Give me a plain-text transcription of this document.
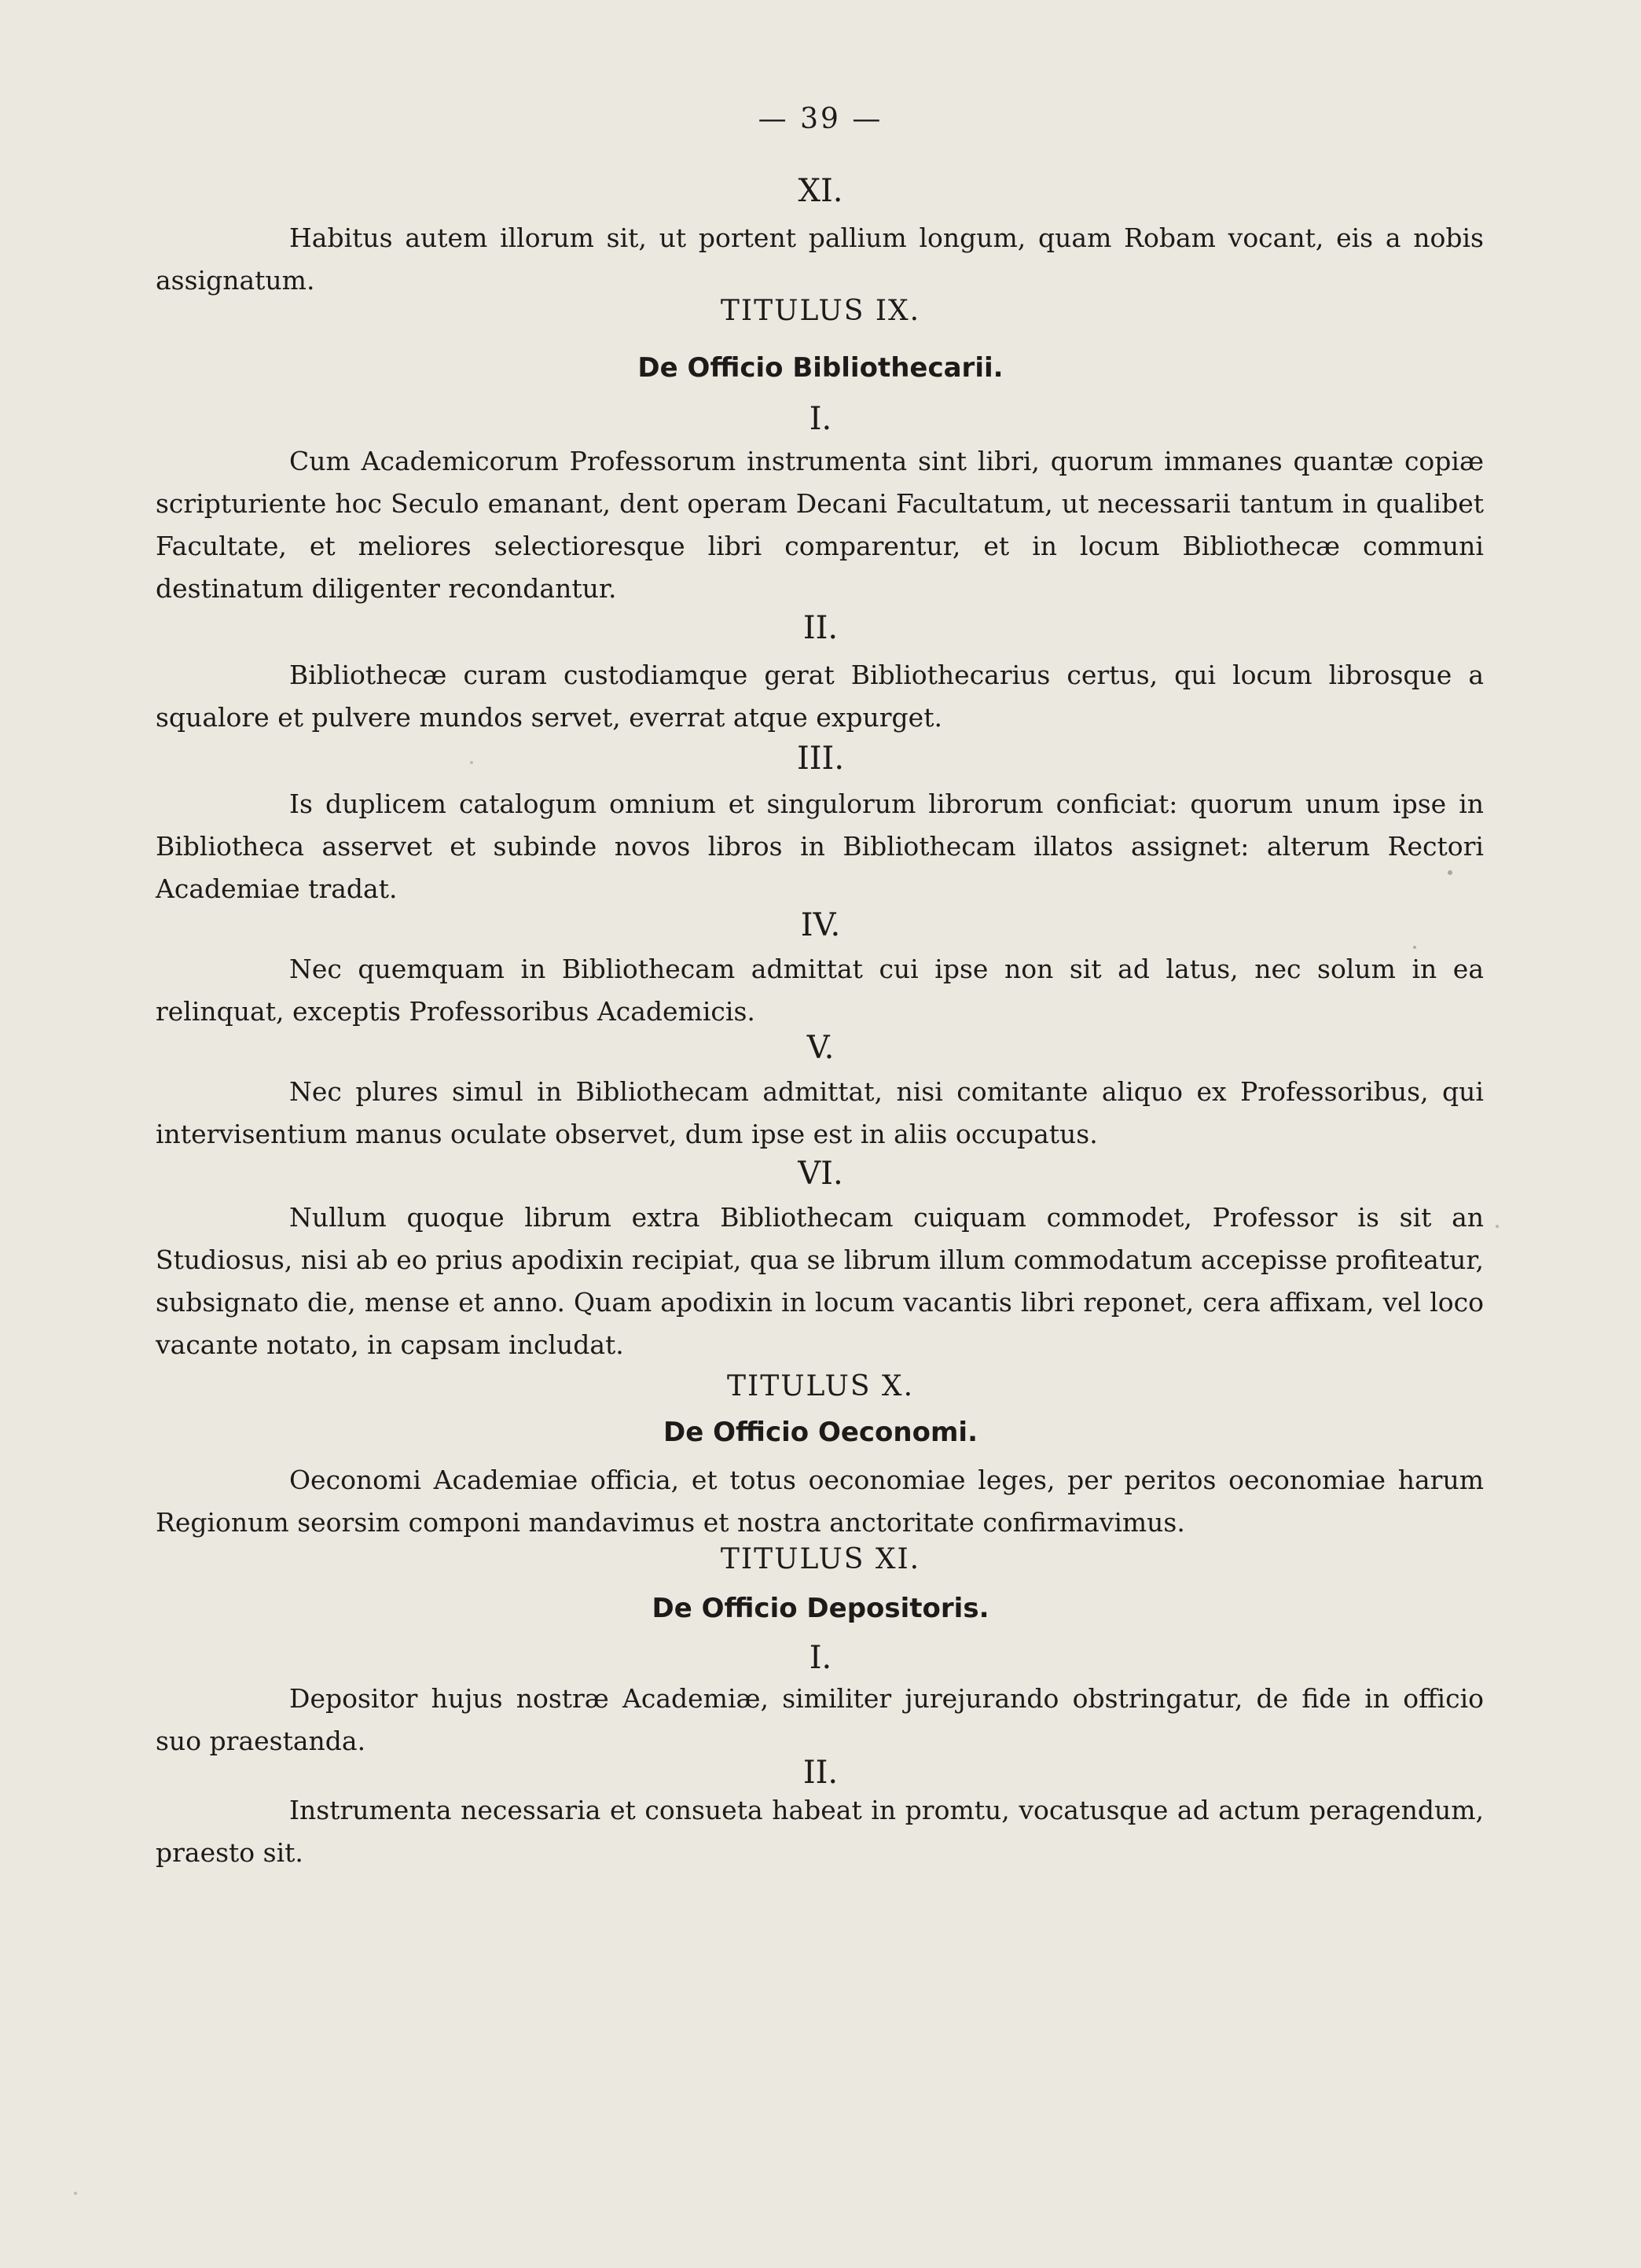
— 39 —
XI.

Habitus autem illorum sit, ut portent pallium longum, quam Robam vocant, eis a nobis assignatum.

TITULUS IX.
De Officio Bibliothecarii.
I.

Cum Academicorum Professorum instrumenta sint libri, quorum immanes quantæ copiæ scripturiente hoc Seculo emanant, dent operam Decani Facultatum, ut necessarii tantum in qualibet Facultate, et meliores selectioresque libri comparentur, et in locum Bibliothecæ communi destinatum diligenter recondantur.

II.

Bibliothecæ curam custodiamque gerat Bibliothecarius certus, qui locum librosque a squalore et pulvere mundos servet, everrat atque expurget.

III.

Is duplicem catalogum omnium et singulorum librorum conficiat: quorum unum ipse in Bibliotheca asservet et subinde novos libros in Bibliothecam illatos assignet: alterum Rectori Academiae tradat.

IV.

Nec quemquam in Bibliothecam admittat cui ipse non sit ad latus, nec solum in ea relinquat, exceptis Professoribus Academicis.

V.

Nec plures simul in Bibliothecam admittat, nisi comitante aliquo ex Professoribus, qui intervisentium manus oculate observet, dum ipse est in aliis occupatus.

VI.

Nullum quoque librum extra Bibliothecam cuiquam commodet, Professor is sit an Studiosus, nisi ab eo prius apodixin recipiat, qua se librum illum commodatum accepisse profiteatur, subsignato die, mense et anno. Quam apodixin in locum vacantis libri reponet, cera affixam, vel loco vacante notato, in capsam includat.

TITULUS X.
De Officio Oeconomi.

Oeconomi Academiae officia, et totus oeconomiae leges, per peritos oeconomiae harum Regionum seorsim componi mandavimus et nostra anctoritate confirmavimus.

TITULUS XI.
De Officio Depositoris.
I.

Depositor hujus nostræ Academiæ, similiter jurejurando obstringatur, de fide in officio suo praestanda.

II.

Instrumenta necessaria et consueta habeat in promtu, vocatusque ad actum peragendum, praesto sit.
